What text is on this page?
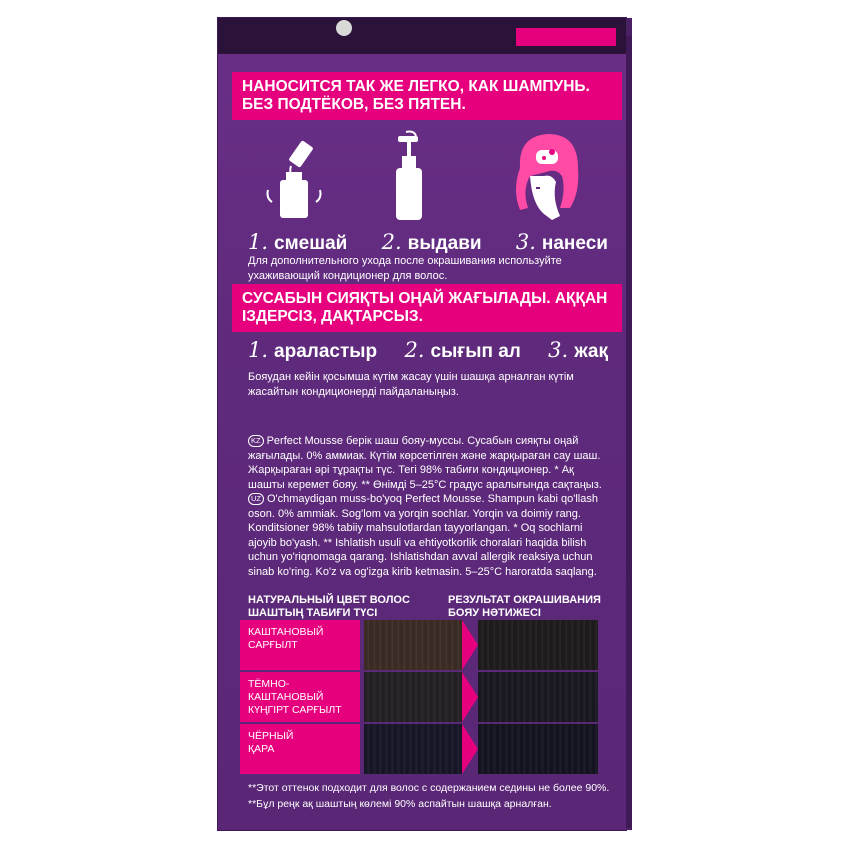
НАНОСИТСЯ ТАК ЖЕ ЛЕГКО, КАК ШАМПУНЬ. БЕЗ ПОДТЁКОВ, БЕЗ ПЯТЕН.
1. смешай 2. выдави 3. нанеси
Для дополнительного ухода после окрашивания используйте ухаживающий кондиционер для волос.
СУСАБЫН СИЯҚТЫ ОҢАЙ ЖАҒЫЛАДЫ. АҚҚАН ІЗДЕРСІЗ, ДАҚТАРСЫЗ.
1. араластыр 2. сығып ал 3. жақ
Бояудан кейін қосымша күтім жасау үшін шашқа арналған күтім жасайтын кондиционерді пайдаланыңыз.
KZ Perfect Mousse берік шаш бояу-муссы. Сусабын сияқты оңай жағылады. 0% аммиак. Күтім көрсетілген және жарқыраған сау шаш. Жарқыраған әрі тұрақты түс. Тегі 98% табиғи кондиционер. * Ақ шашты керемет бояу. ** Өнімді 5–25°С градус аралығында сақтаңыз.
UZ O'chmaydigan muss-bo'yoq Perfect Mousse. Shampun kabi qo'llash oson. 0% ammiak. Sog'lom va yorqin sochlar. Yorqin va doimiy rang. Konditsioner 98% tabiiy mahsulotlardan tayyorlangan. * Oq sochlarni ajoyib bo'yash. ** Ishlatish usuli va ehtiyotkorlik choralari haqida bilish uchun yo'riqnomaga qarang. Ishlatishdan avval allergik reaksiya uchun sinab ko'ring. Ko'z va og'izga kirib ketmasin. 5–25°C haroratda saqlang.
НАТУРАЛЬНЫЙ ЦВЕТ ВОЛОС ШАШТЫҢ ТАБИҒИ ТҮСІ
РЕЗУЛЬТАТ ОКРАШИВАНИЯ БОЯУ НӘТИЖЕСІ
КАШТАНОВЫЙ
САРҒЫЛТ
ТЁМНО-КАШТАНОВЫЙ
КҮҢГІРТ САРҒЫЛТ
ЧЁРНЫЙ
ҚАРА
**Этот оттенок подходит для волос с содержанием седины не более 90%.
**Бұл реңк ақ шаштың көлемі 90% аспайтын шашқа арналған.
